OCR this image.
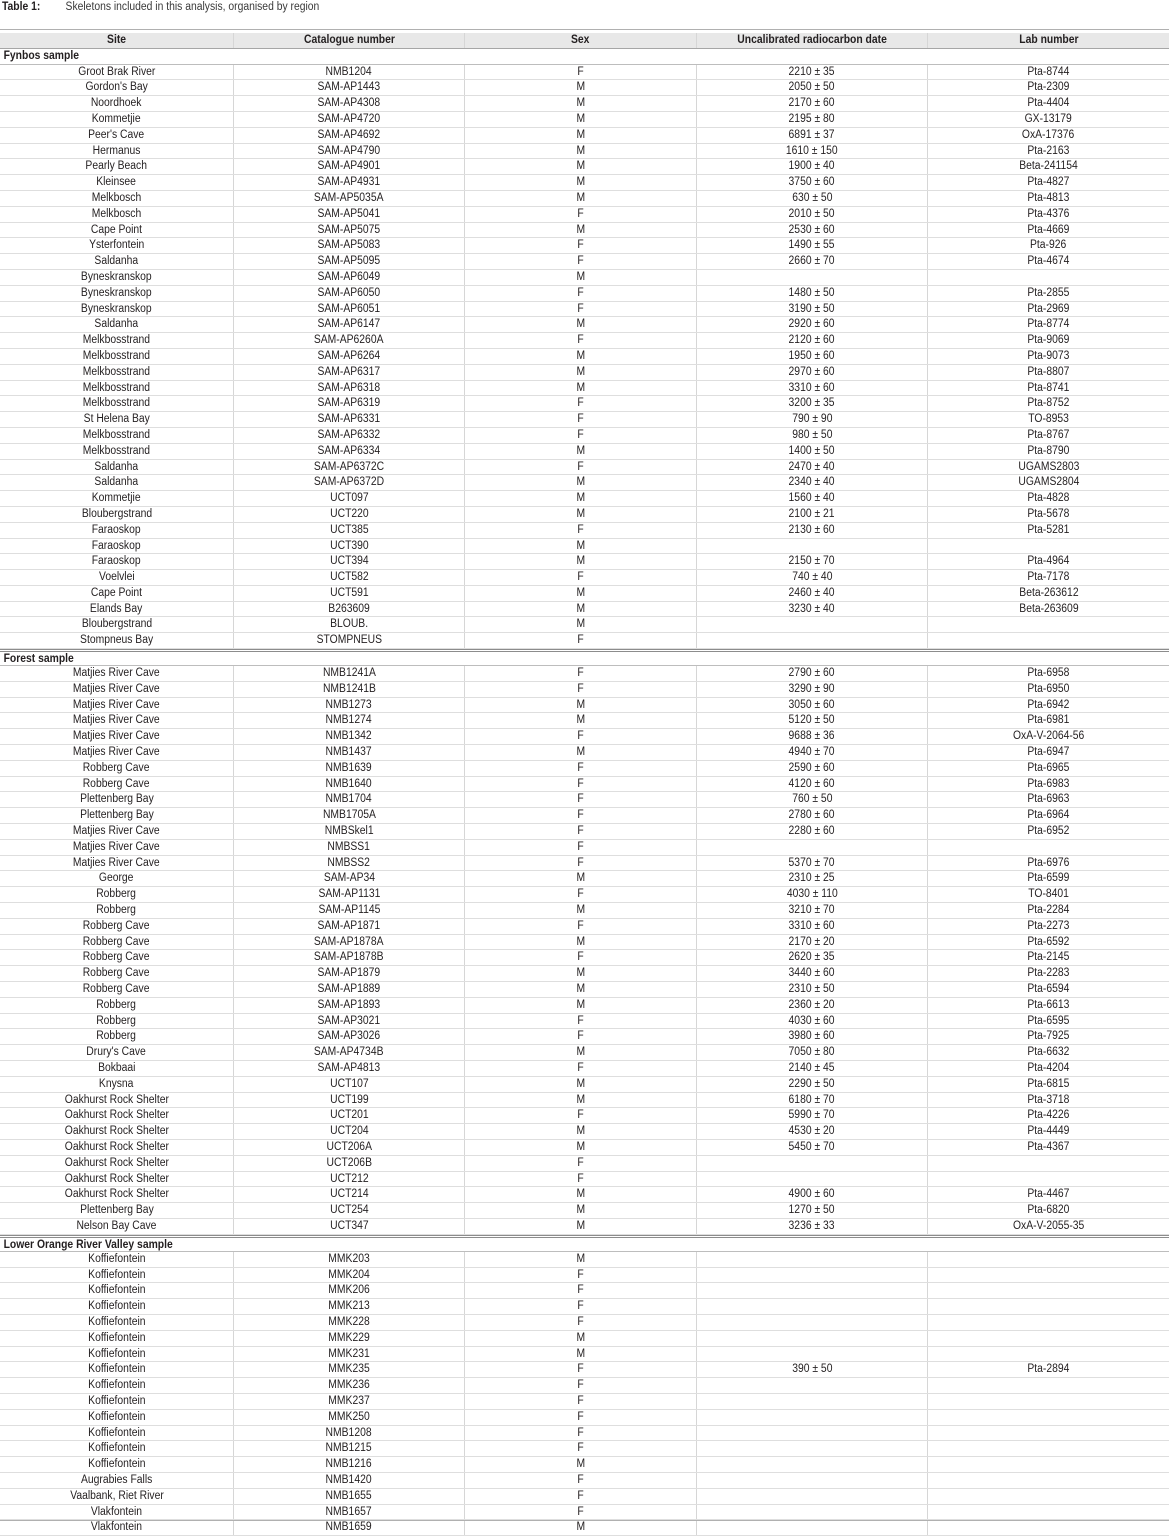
Table 1: Skeletons included in this analysis, organised by region
Site	Catalogue number	Sex	Uncalibrated radiocarbon date	Lab number
Fynbos sample
Groot Brak River	NMB1204	F	2210 ± 35	Pta-8744
Gordon's Bay	SAM-AP1443	M	2050 ± 50	Pta-2309
Noordhoek	SAM-AP4308	M	2170 ± 60	Pta-4404
Kommetjie	SAM-AP4720	M	2195 ± 80	GX-13179
Peer's Cave	SAM-AP4692	M	6891 ± 37	OxA-17376
Hermanus	SAM-AP4790	M	1610 ± 150	Pta-2163
Pearly Beach	SAM-AP4901	M	1900 ± 40	Beta-241154
Kleinsee	SAM-AP4931	M	3750 ± 60	Pta-4827
Melkbosch	SAM-AP5035A	M	630 ± 50	Pta-4813
Melkbosch	SAM-AP5041	F	2010 ± 50	Pta-4376
Cape Point	SAM-AP5075	M	2530 ± 60	Pta-4669
Ysterfontein	SAM-AP5083	F	1490 ± 55	Pta-926
Saldanha	SAM-AP5095	F	2660 ± 70	Pta-4674
Byneskranskop	SAM-AP6049	M
Byneskranskop	SAM-AP6050	F	1480 ± 50	Pta-2855
Byneskranskop	SAM-AP6051	F	3190 ± 50	Pta-2969
Saldanha	SAM-AP6147	M	2920 ± 60	Pta-8774
Melkbosstrand	SAM-AP6260A	F	2120 ± 60	Pta-9069
Melkbosstrand	SAM-AP6264	M	1950 ± 60	Pta-9073
Melkbosstrand	SAM-AP6317	M	2970 ± 60	Pta-8807
Melkbosstrand	SAM-AP6318	M	3310 ± 60	Pta-8741
Melkbosstrand	SAM-AP6319	F	3200 ± 35	Pta-8752
St Helena Bay	SAM-AP6331	F	790 ± 90	TO-8953
Melkbosstrand	SAM-AP6332	F	980 ± 50	Pta-8767
Melkbosstrand	SAM-AP6334	M	1400 ± 50	Pta-8790
Saldanha	SAM-AP6372C	F	2470 ± 40	UGAMS2803
Saldanha	SAM-AP6372D	M	2340 ± 40	UGAMS2804
Kommetjie	UCT097	M	1560 ± 40	Pta-4828
Bloubergstrand	UCT220	M	2100 ± 21	Pta-5678
Faraoskop	UCT385	F	2130 ± 60	Pta-5281
Faraoskop	UCT390	M
Faraoskop	UCT394	M	2150 ± 70	Pta-4964
Voelvlei	UCT582	F	740 ± 40	Pta-7178
Cape Point	UCT591	M	2460 ± 40	Beta-263612
Elands Bay	B263609	M	3230 ± 40	Beta-263609
Bloubergstrand	BLOUB.	M
Stompneus Bay	STOMPNEUS	F
Forest sample
Matjies River Cave	NMB1241A	F	2790 ± 60	Pta-6958
Matjies River Cave	NMB1241B	F	3290 ± 90	Pta-6950
Matjies River Cave	NMB1273	M	3050 ± 60	Pta-6942
Matjies River Cave	NMB1274	M	5120 ± 50	Pta-6981
Matjies River Cave	NMB1342	F	9688 ± 36	OxA-V-2064-56
Matjies River Cave	NMB1437	M	4940 ± 70	Pta-6947
Robberg Cave	NMB1639	F	2590 ± 60	Pta-6965
Robberg Cave	NMB1640	F	4120 ± 60	Pta-6983
Plettenberg Bay	NMB1704	F	760 ± 50	Pta-6963
Plettenberg Bay	NMB1705A	F	2780 ± 60	Pta-6964
Matjies River Cave	NMBSkel1	F	2280 ± 60	Pta-6952
Matjies River Cave	NMBSS1	F
Matjies River Cave	NMBSS2	F	5370 ± 70	Pta-6976
George	SAM-AP34	M	2310 ± 25	Pta-6599
Robberg	SAM-AP1131	F	4030 ± 110	TO-8401
Robberg	SAM-AP1145	M	3210 ± 70	Pta-2284
Robberg Cave	SAM-AP1871	F	3310 ± 60	Pta-2273
Robberg Cave	SAM-AP1878A	M	2170 ± 20	Pta-6592
Robberg Cave	SAM-AP1878B	F	2620 ± 35	Pta-2145
Robberg Cave	SAM-AP1879	M	3440 ± 60	Pta-2283
Robberg Cave	SAM-AP1889	M	2310 ± 50	Pta-6594
Robberg	SAM-AP1893	M	2360 ± 20	Pta-6613
Robberg	SAM-AP3021	F	4030 ± 60	Pta-6595
Robberg	SAM-AP3026	F	3980 ± 60	Pta-7925
Drury's Cave	SAM-AP4734B	M	7050 ± 80	Pta-6632
Bokbaai	SAM-AP4813	F	2140 ± 45	Pta-4204
Knysna	UCT107	M	2290 ± 50	Pta-6815
Oakhurst Rock Shelter	UCT199	M	6180 ± 70	Pta-3718
Oakhurst Rock Shelter	UCT201	F	5990 ± 70	Pta-4226
Oakhurst Rock Shelter	UCT204	M	4530 ± 20	Pta-4449
Oakhurst Rock Shelter	UCT206A	M	5450 ± 70	Pta-4367
Oakhurst Rock Shelter	UCT206B	F
Oakhurst Rock Shelter	UCT212	F
Oakhurst Rock Shelter	UCT214	M	4900 ± 60	Pta-4467
Plettenberg Bay	UCT254	M	1270 ± 50	Pta-6820
Nelson Bay Cave	UCT347	M	3236 ± 33	OxA-V-2055-35
Lower Orange River Valley sample
Koffiefontein	MMK203	M
Koffiefontein	MMK204	F
Koffiefontein	MMK206	F
Koffiefontein	MMK213	F
Koffiefontein	MMK228	F
Koffiefontein	MMK229	M
Koffiefontein	MMK231	M
Koffiefontein	MMK235	F	390 ± 50	Pta-2894
Koffiefontein	MMK236	F
Koffiefontein	MMK237	F
Koffiefontein	MMK250	F
Koffiefontein	NMB1208	F
Koffiefontein	NMB1215	F
Koffiefontein	NMB1216	M
Augrabies Falls	NMB1420	F
Vaalbank, Riet River	NMB1655	F
Vlakfontein	NMB1657	F
Vlakfontein	NMB1659	M
